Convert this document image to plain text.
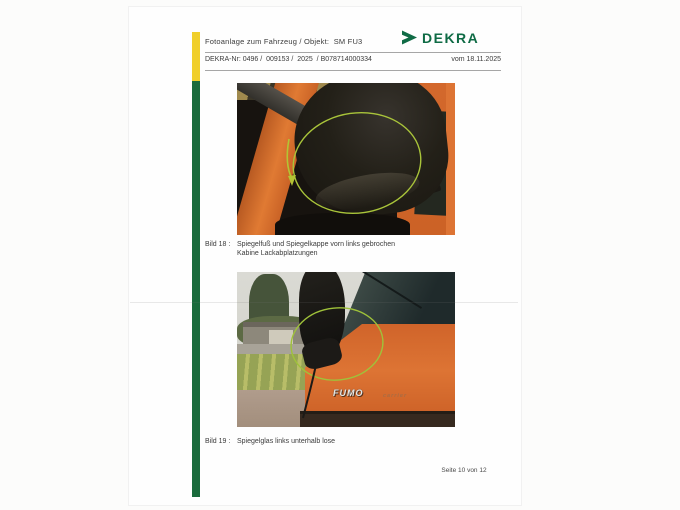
Fotoanlage zum Fahrzeug / Objekt:  SM FU3	DEKRA
DEKRA-Nr: 0496 /  009153 /  2025  / B078714000334	vom 18.11.2025
Bild 18 : Spiegelfuß und Spiegelkappe vorn links gebrochen
Kabine Lackabplatzungen
FUMO	carrier
Bild 19 : Spiegelglas links unterhalb lose
Seite 10 von 12
